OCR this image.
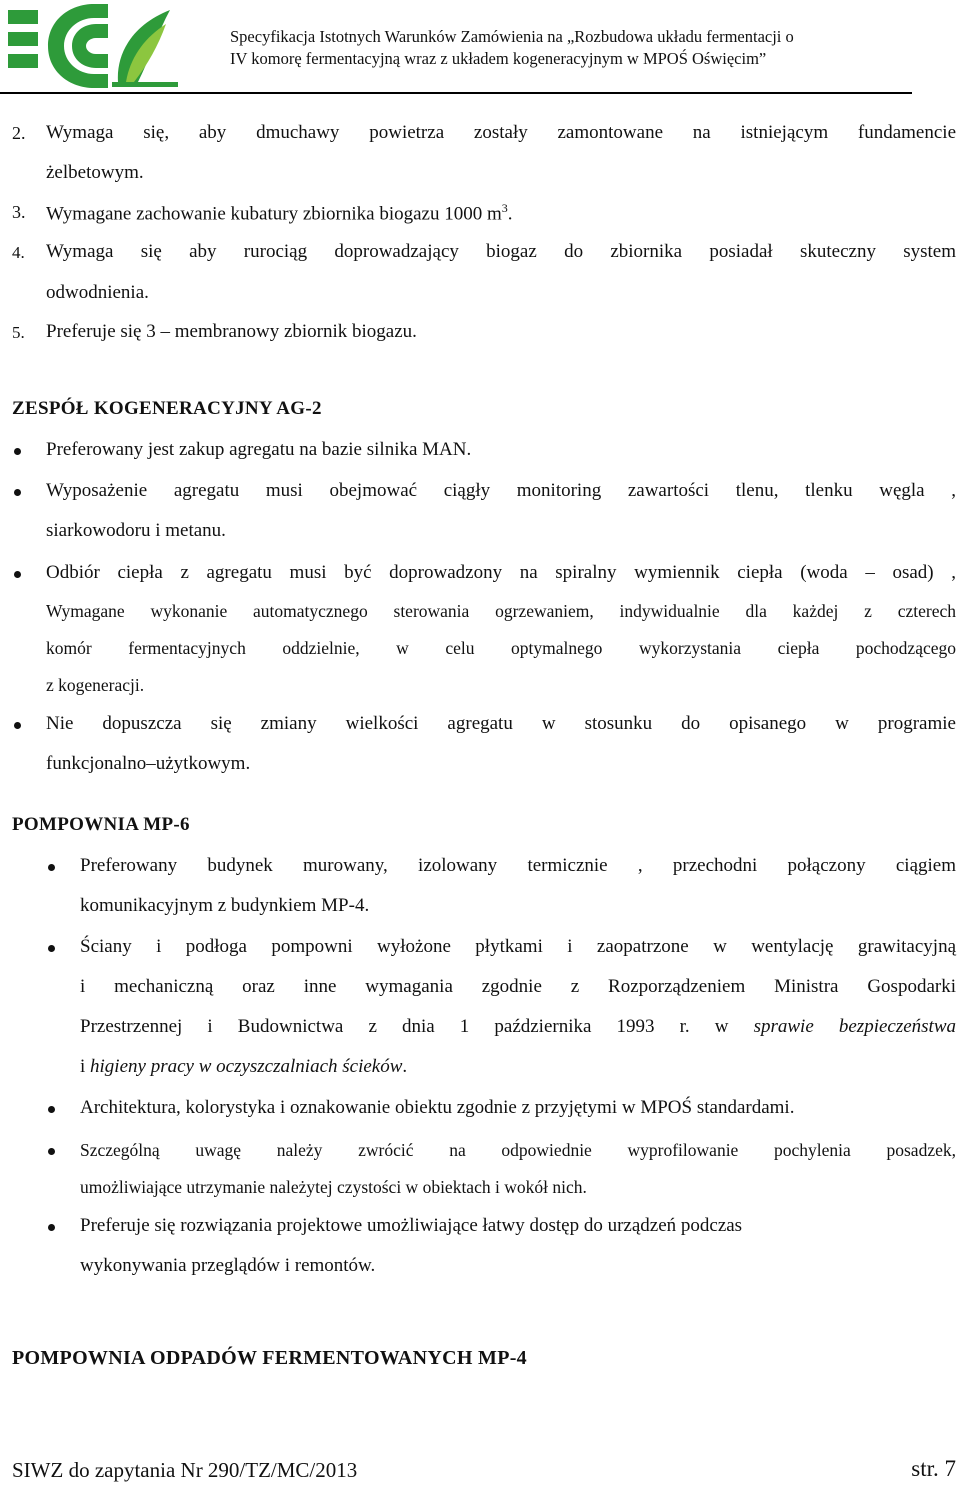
Specyfikacja Istotnych Warunków Zamówienia na „Rozbudowa układu fermentacji o
IV komorę fermentacyjną wraz z układem kogeneracyjnym w MPOŚ Oświęcim”
2. Wymaga się, aby dmuchawy powietrza zostały zamontowane na istniejącym fundamencie
żelbetowym.
3. Wymagane zachowanie kubatury zbiornika biogazu 1000 $m^3$.
4. Wymaga się aby rurociąg doprowadzający biogaz do zbiornika posiadał skuteczny system
odwodnienia.
5. Preferuje się 3 – membranowy zbiornik biogazu.
ZESPÓŁ KOGENERACYJNY AG-2
Preferowany jest zakup agregatu na bazie silnika MAN.
Wyposażenie agregatu musi obejmować ciągły monitoring zawartości tlenu, tlenku węgla ,
siarkowodoru i metanu.
Odbiór ciepła z agregatu musi być doprowadzony na spiralny wymiennik ciepła (woda – osad) ,
Wymagane wykonanie automatycznego sterowania ogrzewaniem, indywidualnie dla każdej z czterech
komór fermentacyjnych oddzielnie, w celu optymalnego wykorzystania ciepła pochodzącego
z kogeneracji.
Nie dopuszcza się zmiany wielkości agregatu w stosunku do opisanego w programie
funkcjonalno–użytkowym.
POMPOWNIA MP-6
Preferowany budynek murowany, izolowany termicznie , przechodni połączony ciągiem
komunikacyjnym z budynkiem MP-4.
Ściany i podłoga pompowni wyłożone płytkami i zaopatrzone w wentylację grawitacyjną
i mechaniczną oraz inne wymagania zgodnie z Rozporządzeniem Ministra Gospodarki
Przestrzennej i Budownictwa z dnia 1 października 1993 r. w sprawie bezpieczeństwa
i higieny pracy w oczyszczalniach ścieków.
Architektura, kolorystyka i oznakowanie obiektu zgodnie z przyjętymi w MPOŚ standardami.
Szczególną uwagę należy zwrócić na odpowiednie wyprofilowanie pochylenia posadzek,
umożliwiające utrzymanie należytej czystości w obiektach i wokół nich.
Preferuje się rozwiązania projektowe umożliwiające łatwy dostęp do urządzeń podczas
wykonywania przeglądów i remontów.
POMPOWNIA ODPADÓW FERMENTOWANYCH MP-4
SIWZ do zapytania Nr 290/TZ/MC/2013	str. 7
